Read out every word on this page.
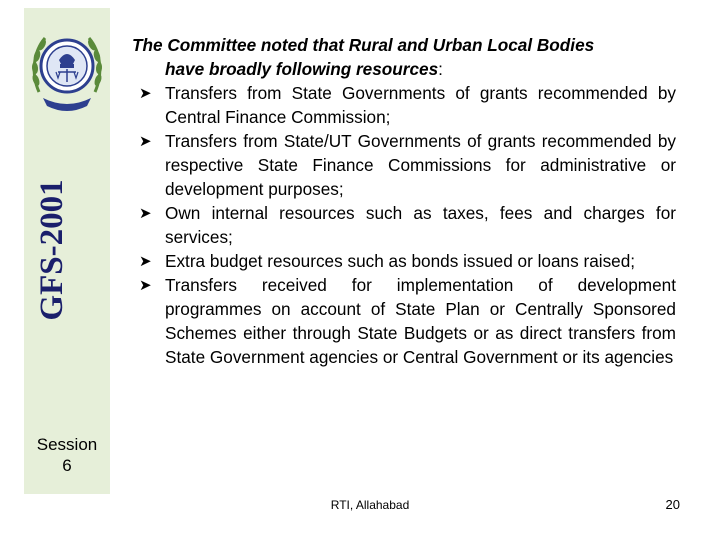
GFS-2001
Session
6

The Committee noted that Rural and Urban Local Bodies
have broadly following resources:

➤ Transfers from State Governments of grants recommended by Central Finance Commission;
➤ Transfers from State/UT Governments of grants recommended by respective State Finance Commissions for administrative or development purposes;
➤ Own internal resources such as taxes, fees and charges for services;
➤ Extra budget resources such as bonds issued or loans raised;
➤ Transfers received for implementation of development programmes on account of State Plan or Centrally Sponsored Schemes either through State Budgets or as direct transfers from State Government agencies or Central Government or its agencies
RTI, Allahabad	20
